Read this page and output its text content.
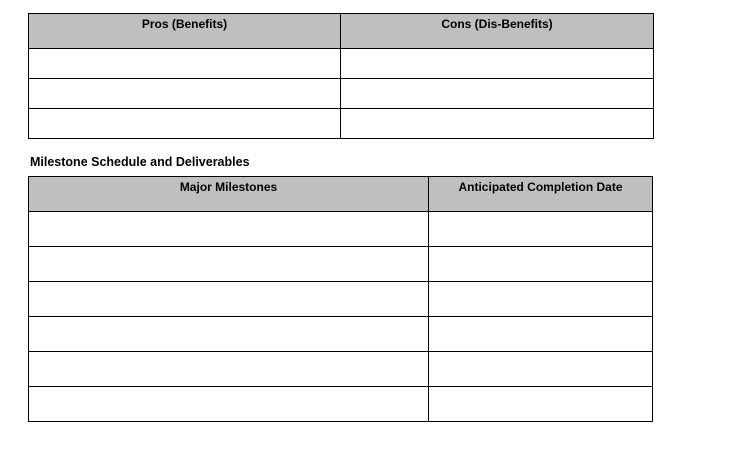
Pros (Benefits)	Cons (Dis-Benefits)

Milestone Schedule and Deliverables
Major Milestones	Anticipated Completion Date
